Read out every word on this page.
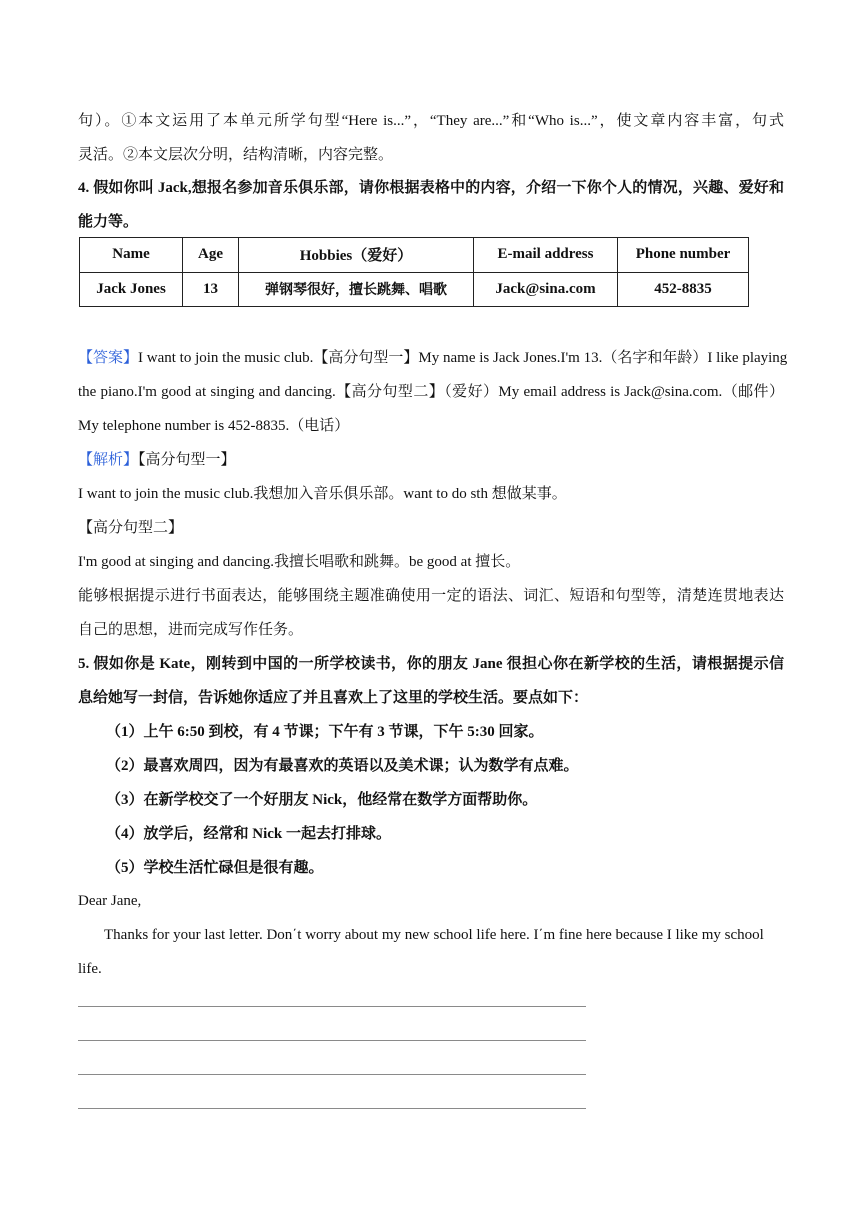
句）。①本文运用了本单元所学句型“Here is...”，“They are...”和“Who is...”，使文章内容丰富，句式
灵活。②本文层次分明，结构清晰，内容完整。
4. 假如你叫 Jack,想报名参加音乐俱乐部，请你根据表格中的内容，介绍一下你个人的情况，兴趣、爱好和
能力等。
Name	Age	Hobbies（爱好）	E-mail address	Phone number
Jack Jones	13	弹钢琴很好，擅长跳舞、唱歌	Jack@sina.com	452-8835
【答案】I want to join the music club.【高分句型一】My name is Jack Jones.I'm 13.（名字和年龄）I like playing
the piano.I'm good at singing and dancing.【高分句型二】（爱好）My email address is Jack@sina.com.（邮件）
My telephone number is 452-8835.（电话）
【解析】【高分句型一】
I want to join the music club.我想加入音乐俱乐部。want to do sth 想做某事。
【高分句型二】
I'm good at singing and dancing.我擅长唱歌和跳舞。be good at 擅长。
能够根据提示进行书面表达，能够围绕主题准确使用一定的语法、词汇、短语和句型等，清楚连贯地表达
自己的思想，进而完成写作任务。
5. 假如你是 Kate，刚转到中国的一所学校读书，你的朋友 Jane 很担心你在新学校的生活，请根据提示信
息给她写一封信，告诉她你适应了并且喜欢上了这里的学校生活。要点如下：
（1）上午 6:50 到校，有 4 节课；下午有 3 节课，下午 5:30 回家。
（2）最喜欢周四，因为有最喜欢的英语以及美术课；认为数学有点难。
（3）在新学校交了一个好朋友 Nick，他经常在数学方面帮助你。
（4）放学后，经常和 Nick 一起去打排球。
（5）学校生活忙碌但是很有趣。
Dear Jane,
Thanks for your last letter. Don΄t worry about my new school life here. I΄m fine here because I like my school
life.
